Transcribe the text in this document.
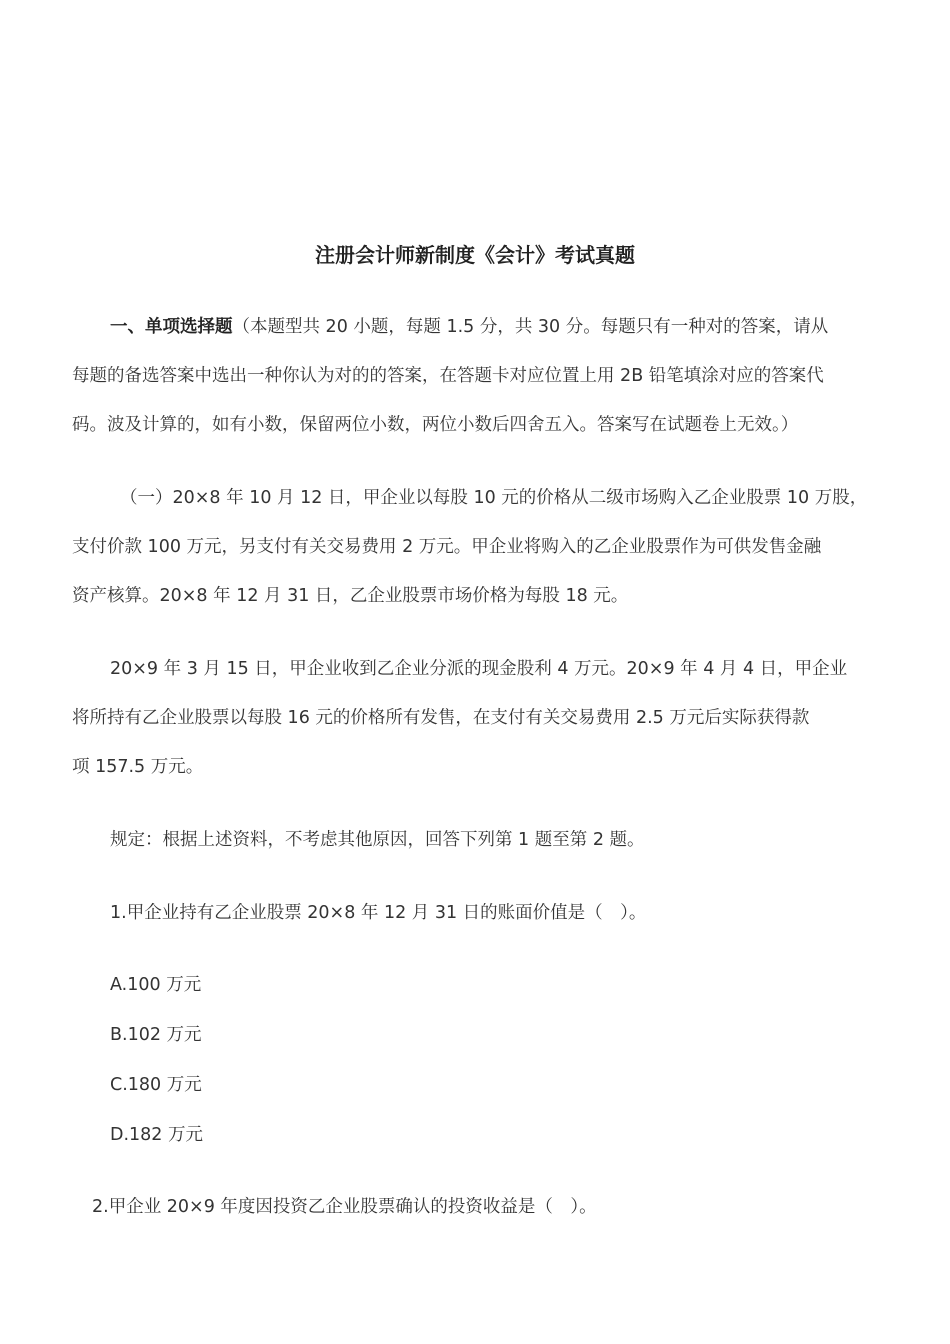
注册会计师新制度《会计》考试真题
一、单项选择题（本题型共 20 小题，每题 1.5 分，共 30 分。每题只有一种对的答案，请从
每题的备选答案中选出一种你认为对的的答案，在答题卡对应位置上用 2B 铅笔填涂对应的答案代
码。波及计算的，如有小数，保留两位小数，两位小数后四舍五入。答案写在试题卷上无效。）
（一）20×8 年 10 月 12 日，甲企业以每股 10 元的价格从二级市场购入乙企业股票 10 万股，
支付价款 100 万元，另支付有关交易费用 2 万元。甲企业将购入的乙企业股票作为可供发售金融
资产核算。20×8 年 12 月 31 日，乙企业股票市场价格为每股 18 元。
20×9 年 3 月 15 日，甲企业收到乙企业分派的现金股利 4 万元。20×9 年 4 月 4 日，甲企业
将所持有乙企业股票以每股 16 元的价格所有发售，在支付有关交易费用 2.5 万元后实际获得款
项 157.5 万元。
规定：根据上述资料，不考虑其他原因，回答下列第 1 题至第 2 题。
1.甲企业持有乙企业股票 20×8 年 12 月 31 日的账面价值是（　）。
A.100 万元
B.102 万元
C.180 万元
D.182 万元
2.甲企业 20×9 年度因投资乙企业股票确认的投资收益是（　）。
